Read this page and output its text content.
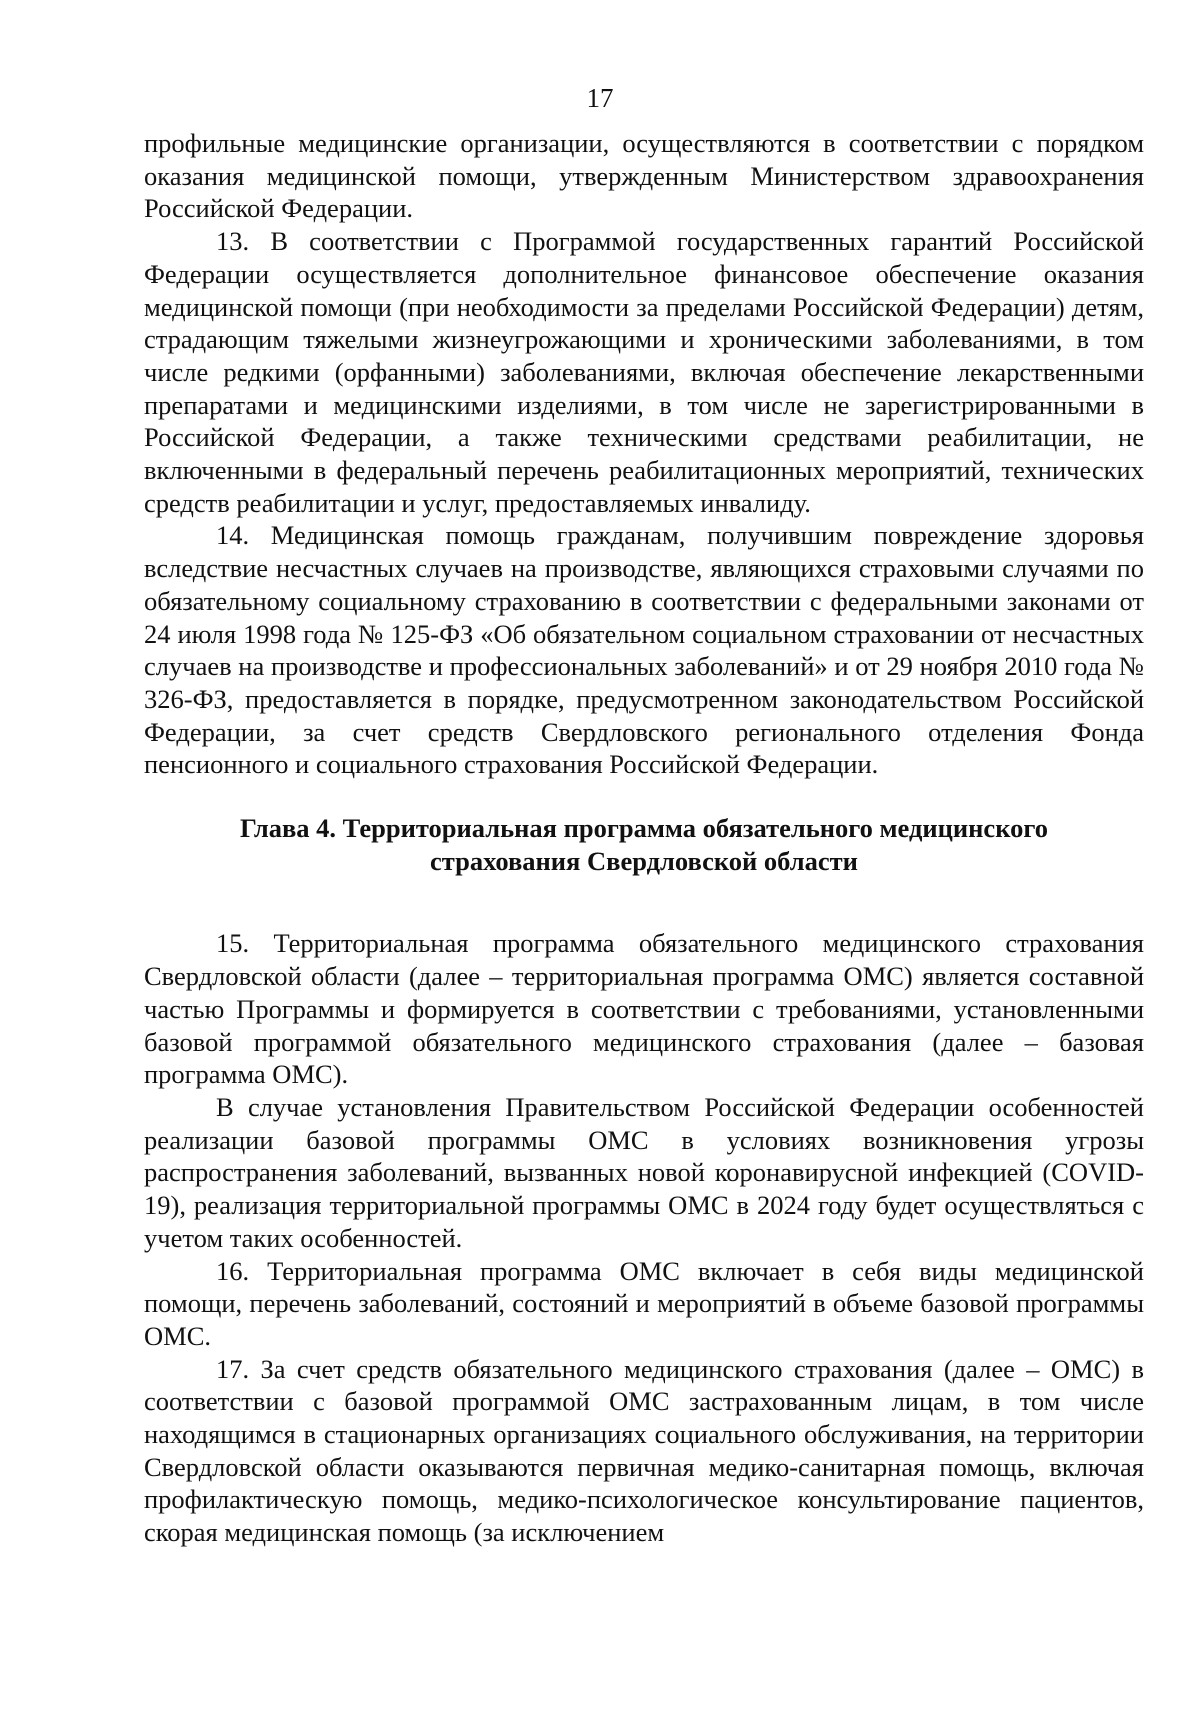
17

профильные медицинские организации, осуществляются в соответствии с порядком оказания медицинской помощи, утвержденным Министерством здравоохранения Российской Федерации.

13. В соответствии с Программой государственных гарантий Российской Федерации осуществляется дополнительное финансовое обеспечение оказания медицинской помощи (при необходимости за пределами Российской Федерации) детям, страдающим тяжелыми жизнеугрожающими и хроническими заболеваниями, в том числе редкими (орфанными) заболеваниями, включая обеспечение лекарственными препаратами и медицинскими изделиями, в том числе не зарегистрированными в Российской Федерации, а также техническими средствами реабилитации, не включенными в федеральный перечень реабилитационных мероприятий, технических средств реабилитации и услуг, предоставляемых инвалиду.

14. Медицинская помощь гражданам, получившим повреждение здоровья вследствие несчастных случаев на производстве, являющихся страховыми случаями по обязательному социальному страхованию в соответствии с федеральными законами от 24 июля 1998 года № 125-ФЗ «Об обязательном социальном страховании от несчастных случаев на производстве и профессиональных заболеваний» и от 29 ноября 2010 года № 326-ФЗ, предоставляется в порядке, предусмотренном законодательством Российской Федерации, за счет средств Свердловского регионального отделения Фонда пенсионного и социального страхования Российской Федерации.

Глава 4. Территориальная программа обязательного медицинского
страхования Свердловской области

15. Территориальная программа обязательного медицинского страхования Свердловской области (далее – территориальная программа ОМС) является составной частью Программы и формируется в соответствии с требованиями, установленными базовой программой обязательного медицинского страхования (далее – базовая программа ОМС).

В случае установления Правительством Российской Федерации особенностей реализации базовой программы ОМС в условиях возникновения угрозы распространения заболеваний, вызванных новой коронавирусной инфекцией (COVID-19), реализация территориальной программы ОМС в 2024 году будет осуществляться с учетом таких особенностей.

16. Территориальная программа ОМС включает в себя виды медицинской помощи, перечень заболеваний, состояний и мероприятий в объеме базовой программы ОМС.

17. За счет средств обязательного медицинского страхования (далее – ОМС) в соответствии с базовой программой ОМС застрахованным лицам, в том числе находящимся в стационарных организациях социального обслуживания, на территории Свердловской области оказываются первичная медико-санитарная помощь, включая профилактическую помощь, медико-психологическое консультирование пациентов, скорая медицинская помощь (за исключением
